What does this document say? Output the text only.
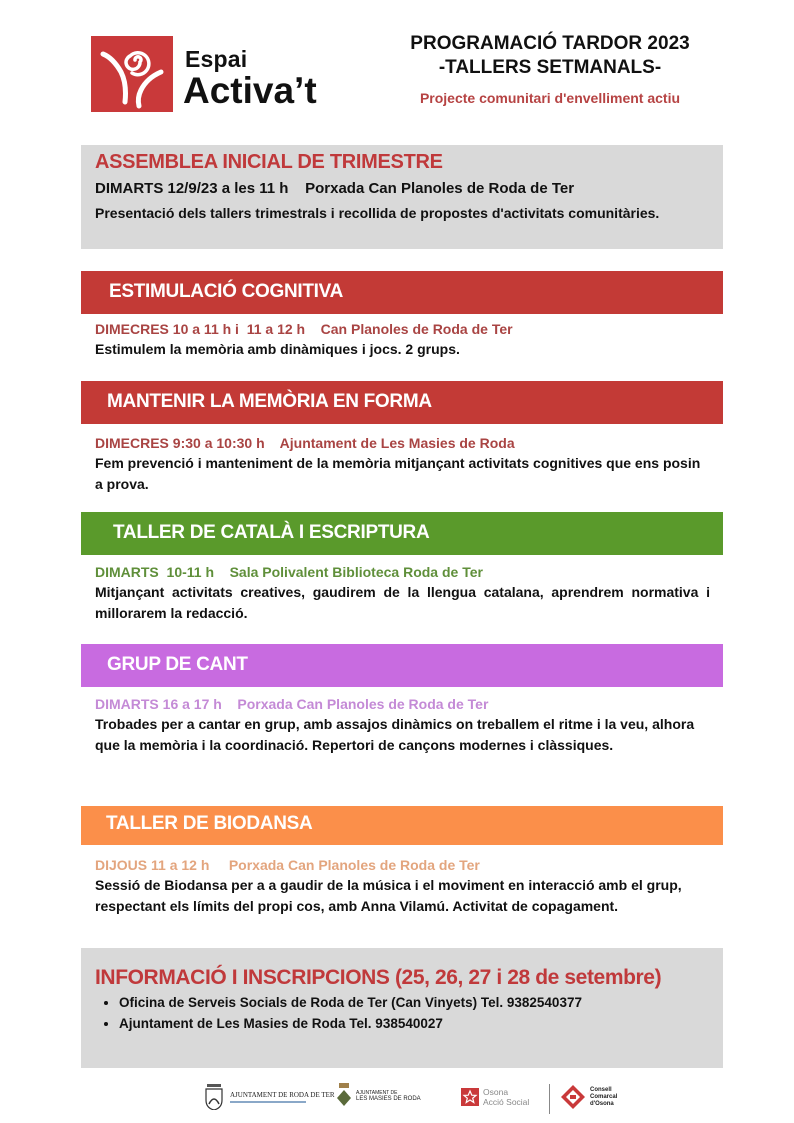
Espai
Activa’t
PROGRAMACIÓ TARDOR 2023
-TALLERS SETMANALS-
Projecte comunitari d'envelliment actiu
ASSEMBLEA INICIAL DE TRIMESTRE
DIMARTS 12/9/23 a les 11 h    Porxada Can Planoles de Roda de Ter
Presentació dels tallers trimestrals i recollida de propostes d'activitats comunitàries.
ESTIMULACIÓ COGNITIVA
DIMECRES 10 a 11 h i  11 a 12 h    Can Planoles de Roda de Ter
Estimulem la memòria amb dinàmiques i jocs. 2 grups.
MANTENIR LA MEMÒRIA EN FORMA
DIMECRES 9:30 a 10:30 h    Ajuntament de Les Masies de Roda
Fem prevenció i manteniment de la memòria mitjançant activitats cognitives que ens posin a prova.
TALLER DE CATALÀ I ESCRIPTURA
DIMARTS  10-11 h    Sala Polivalent Biblioteca Roda de Ter
Mitjançant activitats creatives, gaudirem de la llengua catalana, aprendrem normativa i millorarem la redacció.
GRUP DE CANT
DIMARTS 16 a 17 h    Porxada Can Planoles de Roda de Ter
Trobades per a cantar en grup, amb assajos dinàmics on treballem el ritme i la veu, alhora que la memòria i la coordinació. Repertori de cançons modernes i clàssiques.
TALLER DE BIODANSA
DIJOUS 11 a 12 h     Porxada Can Planoles de Roda de Ter
Sessió de Biodansa per a a gaudir de la música i el moviment en interacció amb el grup, respectant els límits del propi cos, amb Anna Vilamú. Activitat de copagament.
INFORMACIÓ I INSCRIPCIONS (25, 26, 27 i 28 de setembre)
• Oficina de Serveis Socials de Roda de Ter (Can Vinyets) Tel. 9382540377
• Ajuntament de Les Masies de Roda Tel. 938540027
AJUNTAMENT DE RODA DE TER	AJUNTAMENT DE
LES MASIES DE RODA
Osona
Acció Social
Consell
Comarcal
d'Osona
